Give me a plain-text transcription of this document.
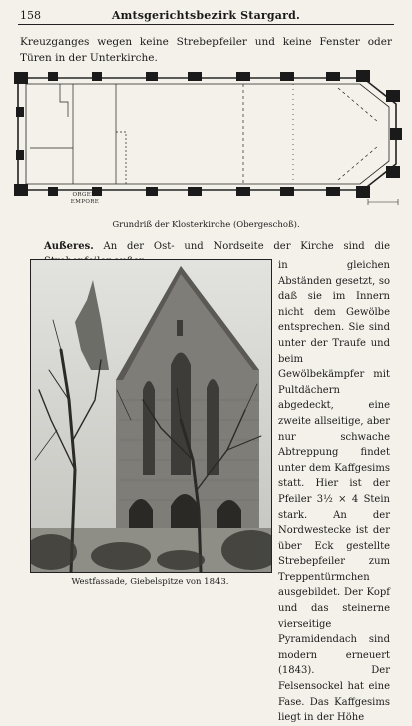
158	Amtsgerichtsbezirk Stargard.
Kreuzganges wegen keine Strebepfeiler und keine Fenster oder Türen in der Unterkirche.
ORGEL-EMPORE
Grundriß der Klosterkirche (Obergeschoß).
Außeres. An der Ost- und Nordseite der Kirche sind die
in gleichen Abständen gesetzt, so daß sie im Innern nicht dem Gewölbe entsprechen. Sie sind unter der Traufe und beim Gewölbekämpfer mit Pultdächern abgedeckt, eine zweite allseitige, aber nur schwache Abtreppung findet unter dem Kaffgesims statt. Hier ist der Pfeiler 3½ × 4 Stein stark. An der Nordwestecke ist der über Eck gestellte Strebepfeiler zum Treppentürmchen ausgebildet. Der Kopf und das steinerne vierseitige Pyramidendach sind modern erneuert (1843). Der Felsensockel hat eine Fase. Das Kaffgesims liegt in der Höhe
Westfassade, Giebelspitze von 1843.
